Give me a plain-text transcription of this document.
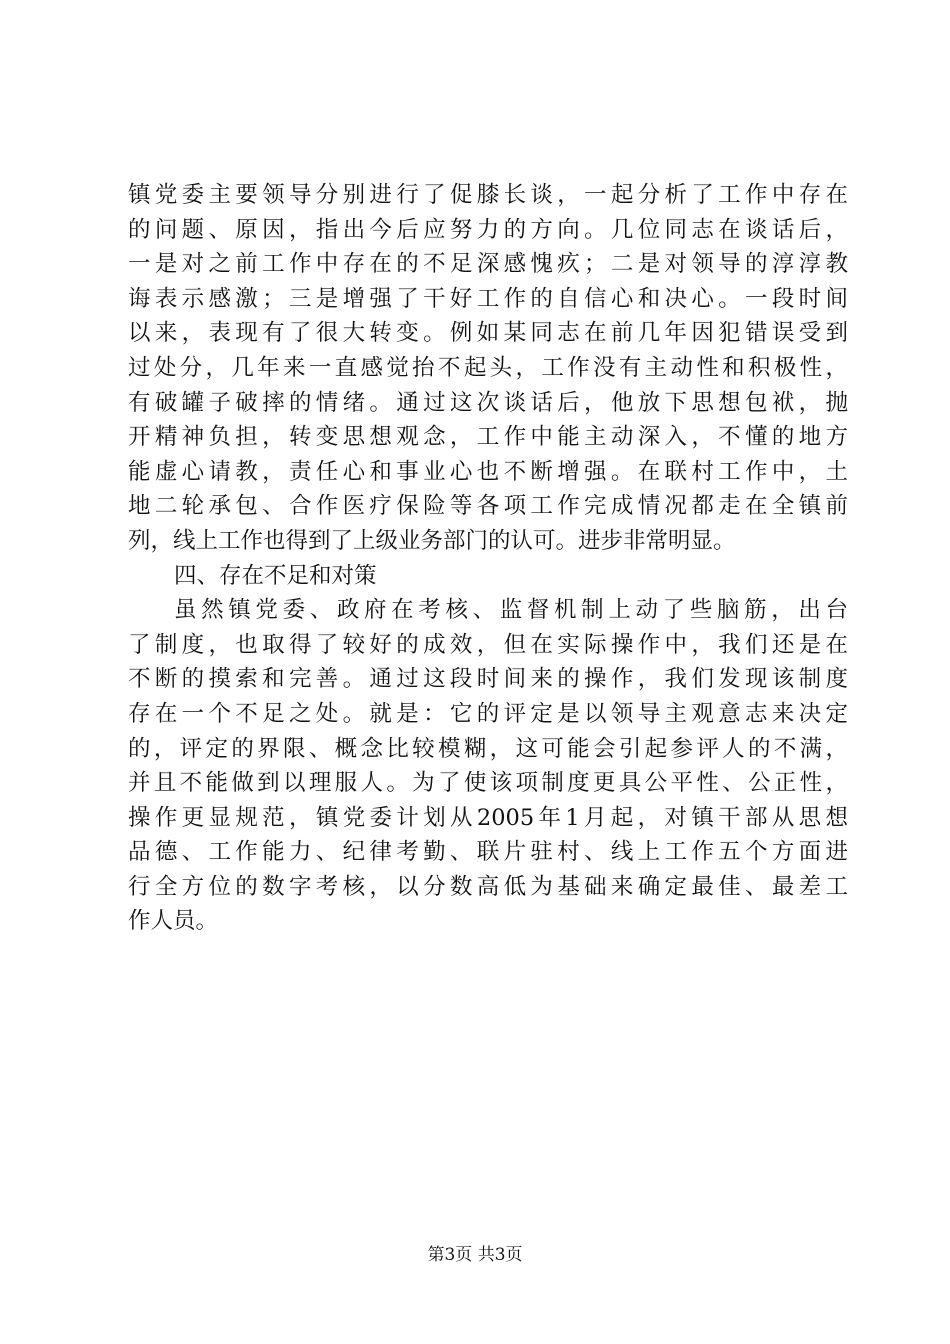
镇党委主要领导分别进行了促膝长谈，一起分析了工作中存在
的问题、原因，指出今后应努力的方向。几位同志在谈话后，
一是对之前工作中存在的不足深感愧疚；二是对领导的淳淳教
诲表示感激；三是增强了干好工作的自信心和决心。一段时间
以来，表现有了很大转变。例如某同志在前几年因犯错误受到
过处分，几年来一直感觉抬不起头，工作没有主动性和积极性，
有破罐子破摔的情绪。通过这次谈话后，他放下思想包袱，抛
开精神负担，转变思想观念，工作中能主动深入，不懂的地方
能虚心请教，责任心和事业心也不断增强。在联村工作中，土
地二轮承包、合作医疗保险等各项工作完成情况都走在全镇前
列，线上工作也得到了上级业务部门的认可。进步非常明显。
四、存在不足和对策
虽然镇党委、政府在考核、监督机制上动了些脑筋，出台
了制度，也取得了较好的成效，但在实际操作中，我们还是在
不断的摸索和完善。通过这段时间来的操作，我们发现该制度
存在一个不足之处。就是：它的评定是以领导主观意志来决定
的，评定的界限、概念比较模糊，这可能会引起参评人的不满，
并且不能做到以理服人。为了使该项制度更具公平性、公正性，
操作更显规范，镇党委计划从2005年1月起，对镇干部从思想
品德、工作能力、纪律考勤、联片驻村、线上工作五个方面进
行全方位的数字考核，以分数高低为基础来确定最佳、最差工
作人员。
第3页 共3页
